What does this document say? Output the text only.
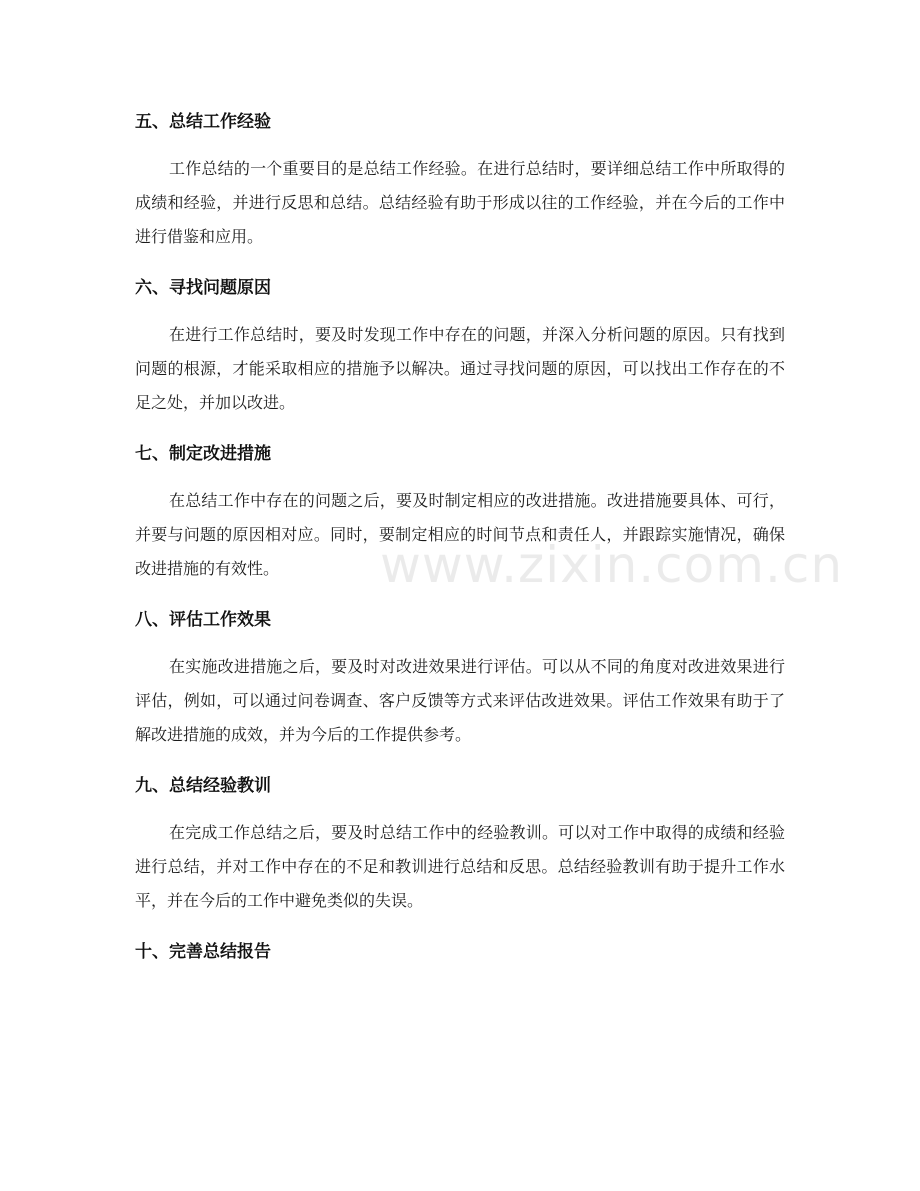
五、总结工作经验

工作总结的一个重要目的是总结工作经验。在进行总结时，要详细总结工作中所取得的成绩和经验，并进行反思和总结。总结经验有助于形成以往的工作经验，并在今后的工作中进行借鉴和应用。

六、寻找问题原因

在进行工作总结时，要及时发现工作中存在的问题，并深入分析问题的原因。只有找到问题的根源，才能采取相应的措施予以解决。通过寻找问题的原因，可以找出工作存在的不足之处，并加以改进。

七、制定改进措施

在总结工作中存在的问题之后，要及时制定相应的改进措施。改进措施要具体、可行，并要与问题的原因相对应。同时，要制定相应的时间节点和责任人，并跟踪实施情况，确保改进措施的有效性。

八、评估工作效果

在实施改进措施之后，要及时对改进效果进行评估。可以从不同的角度对改进效果进行评估，例如，可以通过问卷调查、客户反馈等方式来评估改进效果。评估工作效果有助于了解改进措施的成效，并为今后的工作提供参考。

九、总结经验教训

在完成工作总结之后，要及时总结工作中的经验教训。可以对工作中取得的成绩和经验进行总结，并对工作中存在的不足和教训进行总结和反思。总结经验教训有助于提升工作水平，并在今后的工作中避免类似的失误。

十、完善总结报告
www.zixin.com.cn
